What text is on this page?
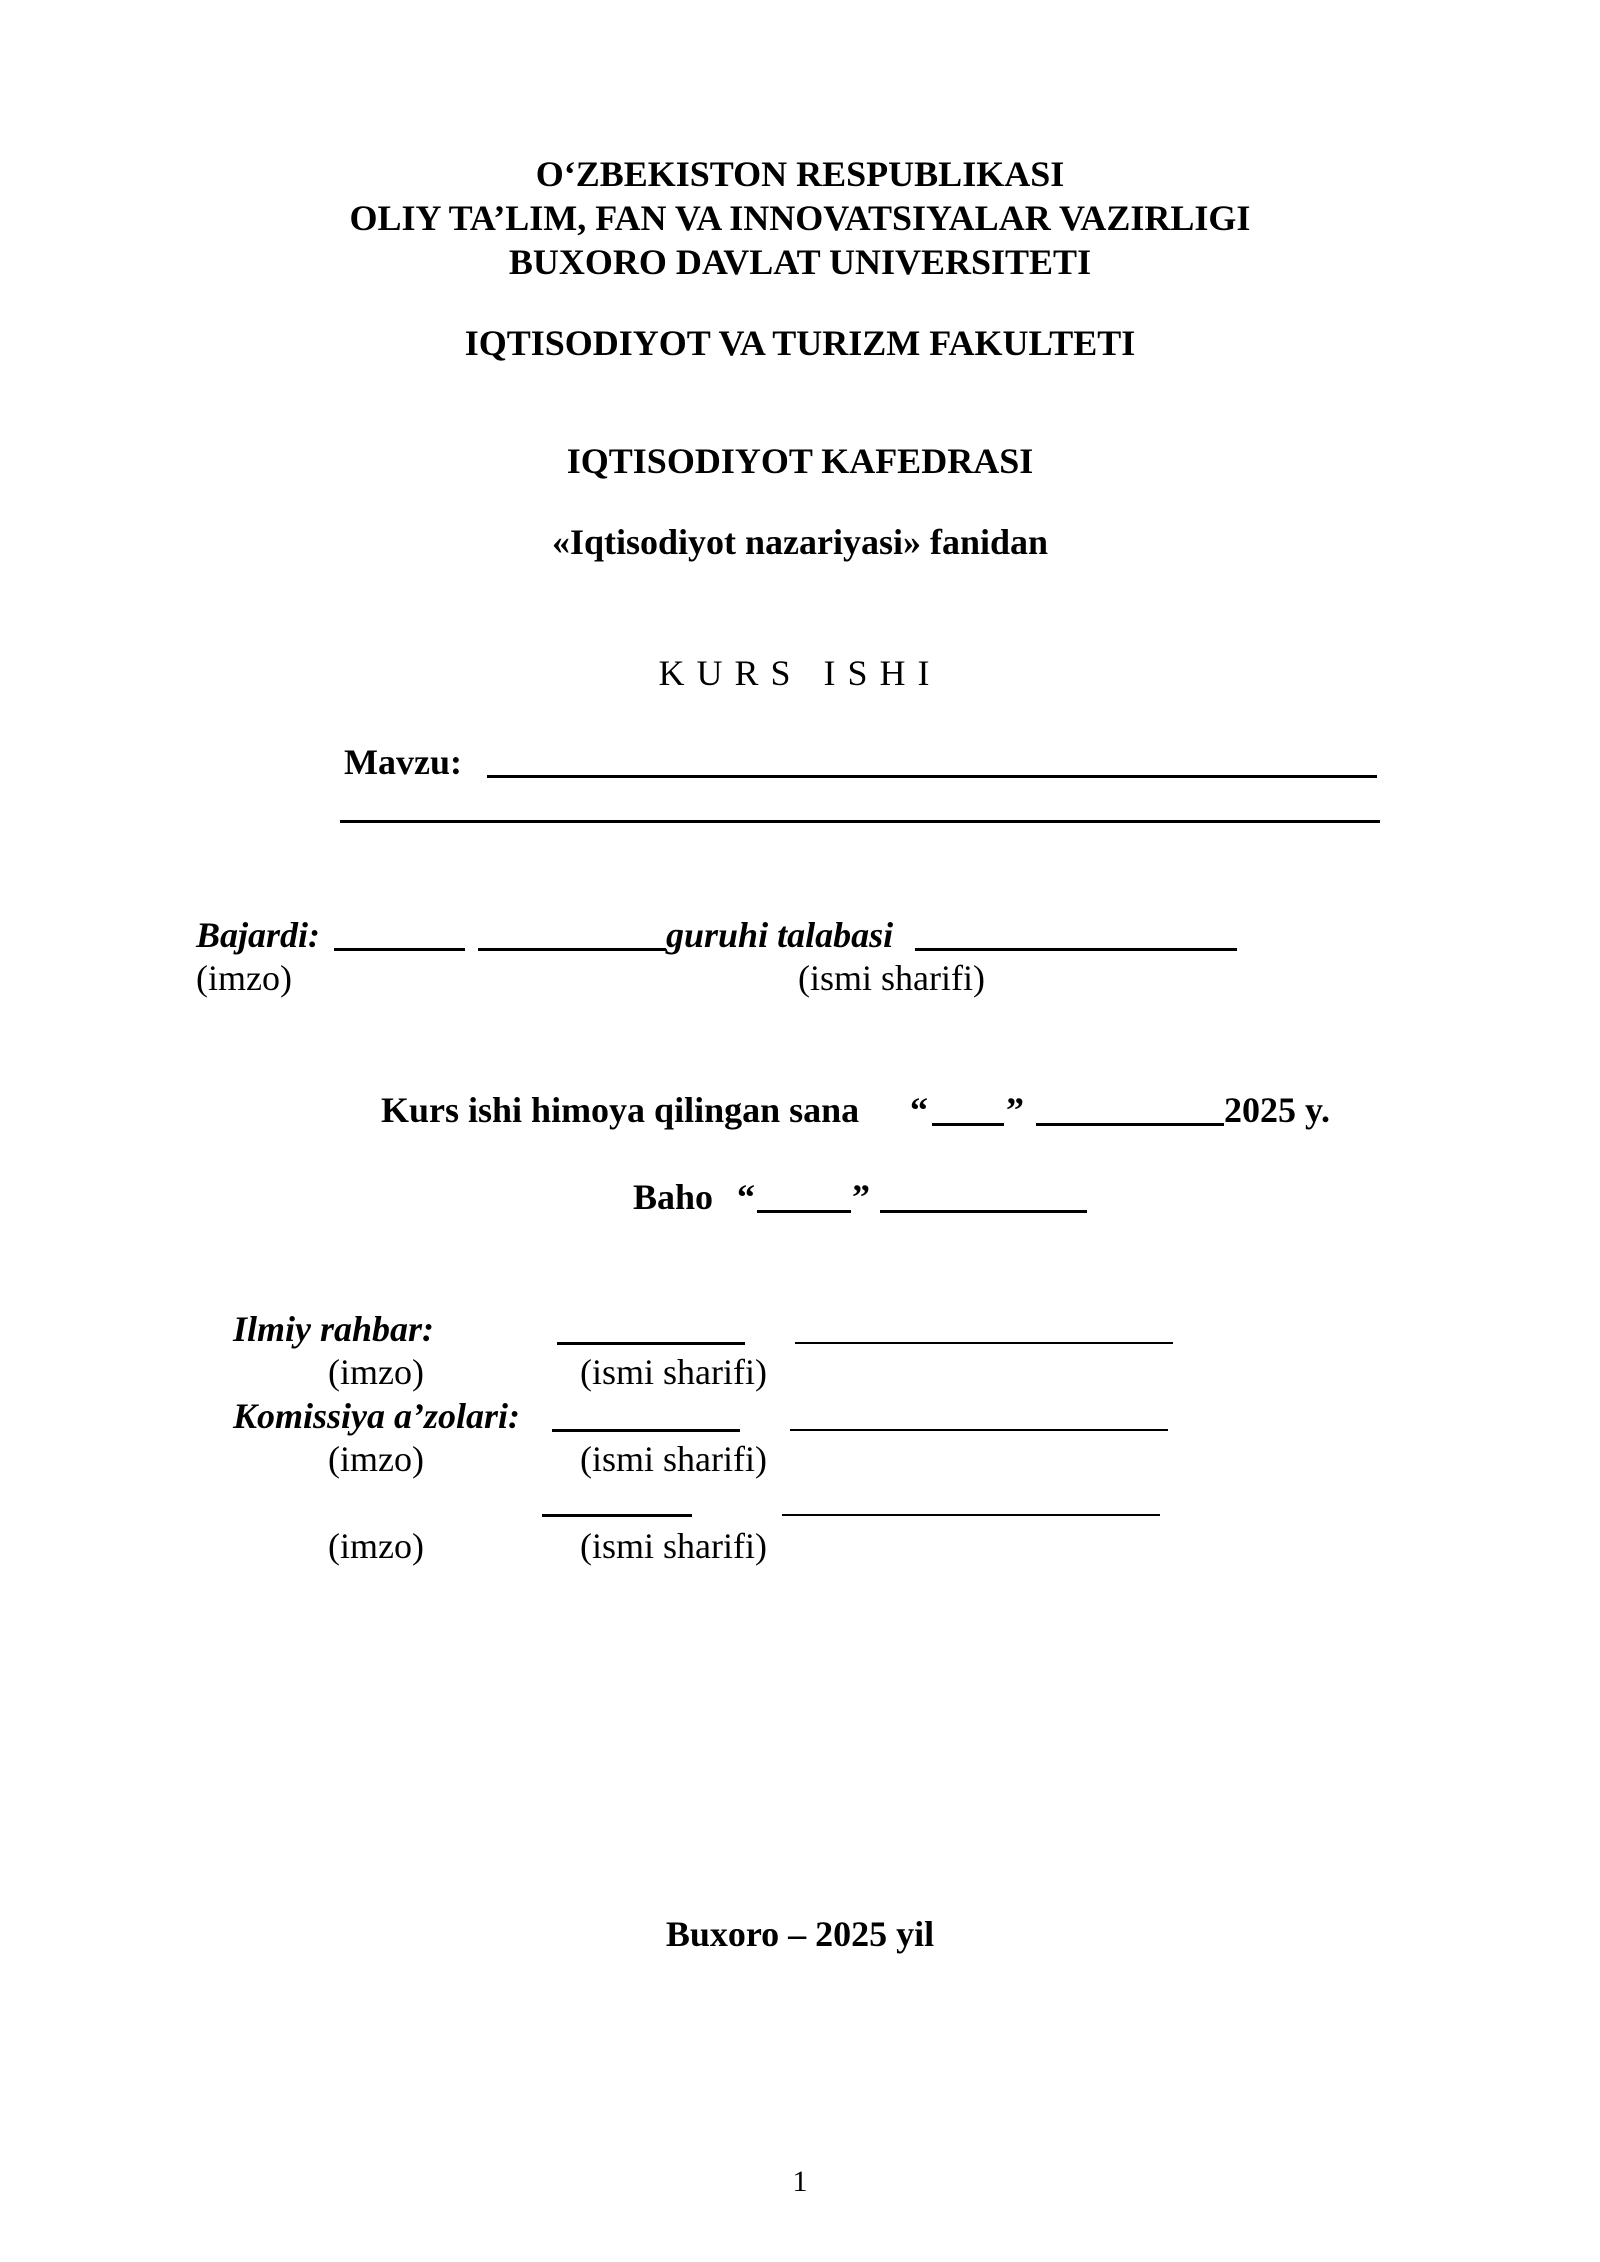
O‘ZBEKISTON RESPUBLIKASI
OLIY TA’LIM, FAN VA INNOVATSIYALAR VAZIRLIGI
BUXORO DAVLAT UNIVERSITETI
IQTISODIYOT VA TURIZM FAKULTETI
IQTISODIYOT KAFEDRASI
«Iqtisodiyot nazariyasi» fanidan
KURS ISHI
Mavzu:
Bajardi:	guruhi talabasi
(imzo)	(ismi sharifi)
Kurs ishi himoya qilingan sana “ ”	2025 y.
Baho “	”
Ilmiy rahbar:
(imzo)	(ismi sharifi)
Komissiya a’zolari:
(imzo)	(ismi sharifi)
(imzo)	(ismi sharifi)
Buxoro – 2025 yil
1
